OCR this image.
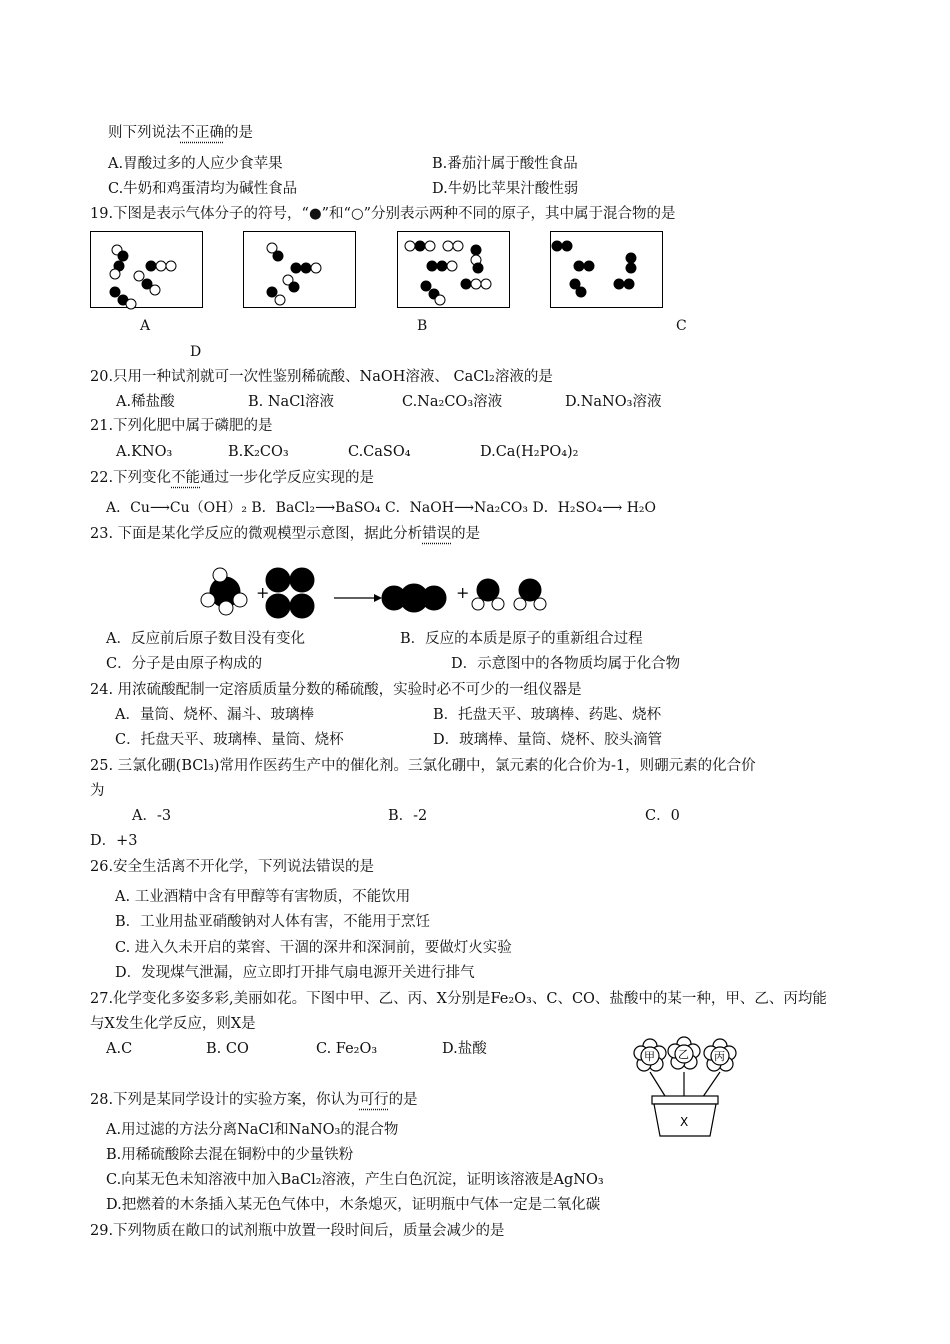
则下列说法不正确的是
A.胃酸过多的人应少食苹果	B.番茄汁属于酸性食品
C.牛奶和鸡蛋清均为碱性食品	D.牛奶比苹果汁酸性弱
19.下图是表示气体分子的符号，“●”和“○”分别表示两种不同的原子，其中属于混合物的是
A	B	C
D
20.只用一种试剂就可一次性鉴别稀硫酸、NaOH溶液、 CaCl₂溶液的是
A.稀盐酸	B. NaCl溶液	C.Na₂CO₃溶液	D.NaNO₃溶液
21.下列化肥中属于磷肥的是
A.KNO₃	B.K₂CO₃	C.CaSO₄	D.Ca(H₂PO₄)₂
22.下列变化不能通过一步化学反应实现的是
A．Cu⟶Cu（OH）₂ B．BaCl₂⟶BaSO₄ C．NaOH⟶Na₂CO₃ D．H₂SO₄⟶ H₂O
23. 下面是某化学反应的微观模型示意图，据此分析错误的是
+	+
A．反应前后原子数目没有变化	B．反应的本质是原子的重新组合过程
C．分子是由原子构成的	D．示意图中的各物质均属于化合物
24. 用浓硫酸配制一定溶质质量分数的稀硫酸，实验时必不可少的一组仪器是
A．量筒、烧杯、漏斗、玻璃棒	B．托盘天平、玻璃棒、药匙、烧杯
C．托盘天平、玻璃棒、量筒、烧杯	D．玻璃棒、量筒、烧杯、胶头滴管
25. 三氯化硼(BCl₃)常用作医药生产中的催化剂。三氯化硼中，氯元素的化合价为-1，则硼元素的化合价
为
A．-3	B．-2	C．0
D．+3
26.安全生活离不开化学，下列说法错误的是
A. 工业酒精中含有甲醇等有害物质，不能饮用
B．工业用盐亚硝酸钠对人体有害，不能用于烹饪
C. 进入久未开启的菜窖、干涸的深井和深洞前，要做灯火实验
D．发现煤气泄漏，应立即打开排气扇电源开关进行排气
27.化学变化多姿多彩,美丽如花。下图中甲、乙、丙、X分别是Fe₂O₃、C、CO、盐酸中的某一种，甲、乙、丙均能
与X发生化学反应，则X是
A.C	B. CO	C. Fe₂O₃	D.盐酸	甲 乙 丙
X
28.下列是某同学设计的实验方案，你认为可行的是
A.用过滤的方法分离NaCl和NaNO₃的混合物
B.用稀硫酸除去混在铜粉中的少量铁粉
C.向某无色未知溶液中加入BaCl₂溶液，产生白色沉淀，证明该溶液是AgNO₃
D.把燃着的木条插入某无色气体中，木条熄灭，证明瓶中气体一定是二氧化碳
29.下列物质在敞口的试剂瓶中放置一段时间后，质量会减少的是
